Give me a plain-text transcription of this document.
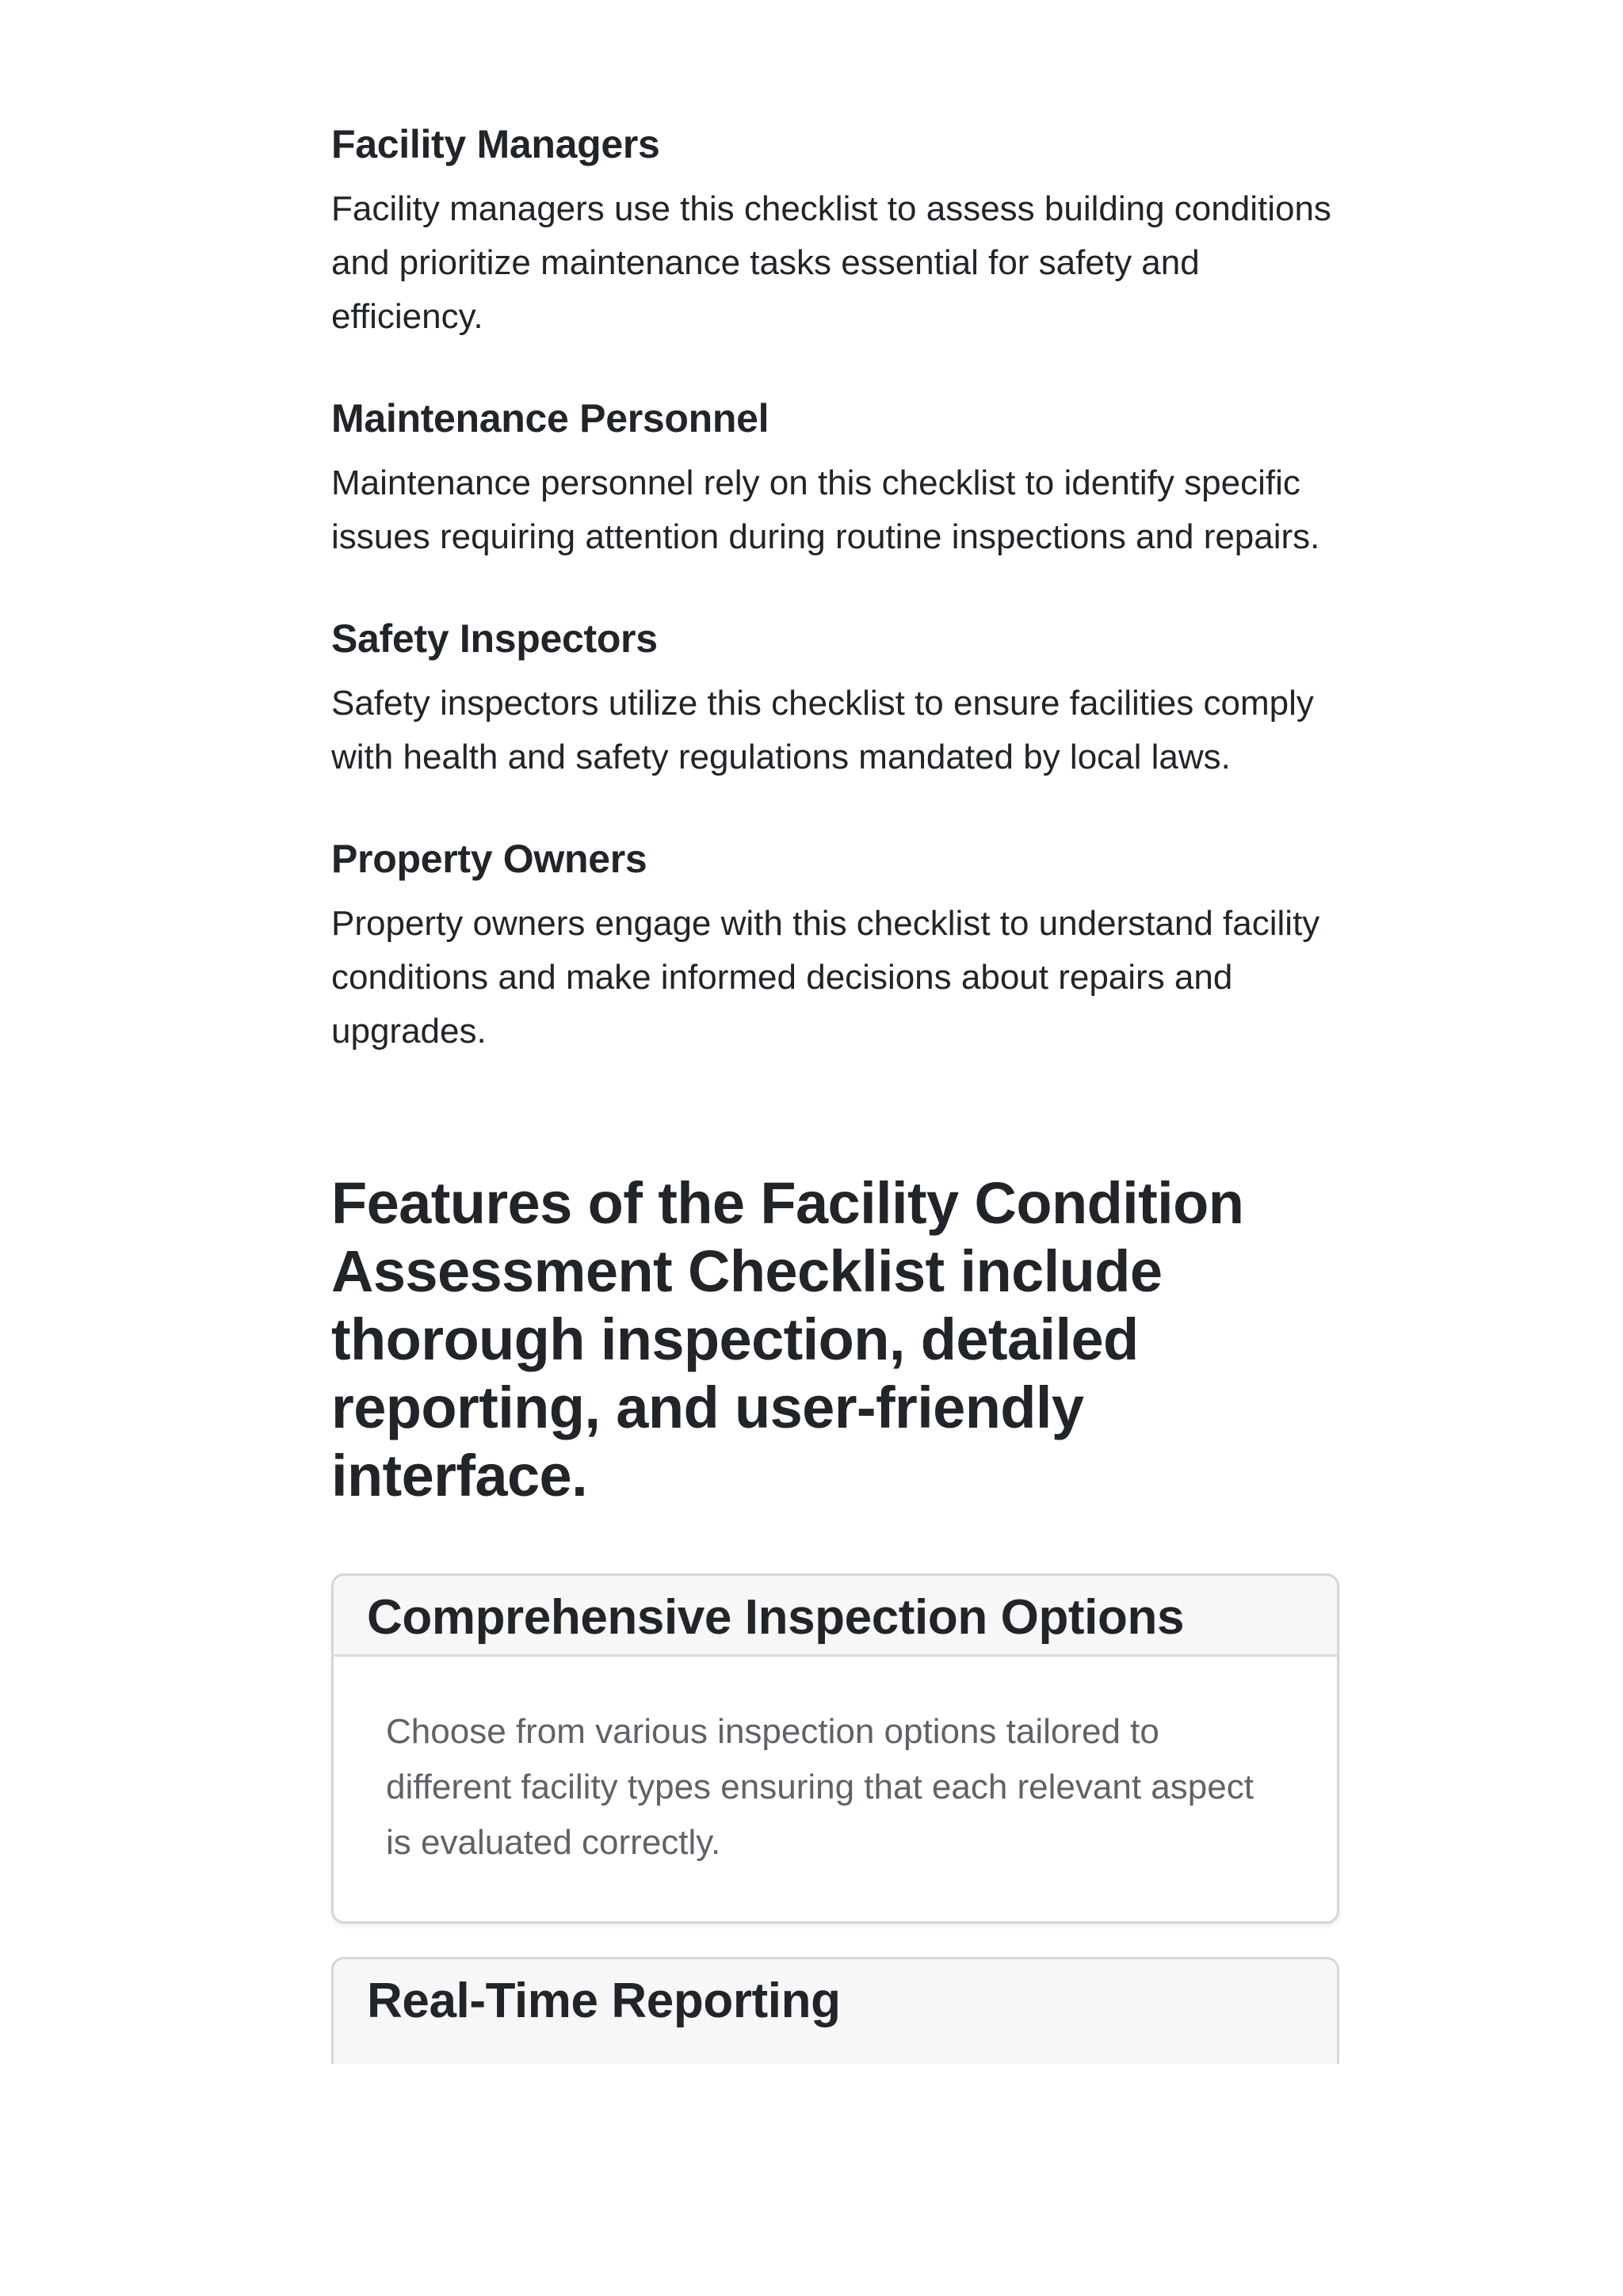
Facility Managers

Facility managers use this checklist to assess building conditions and prioritize maintenance tasks essential for safety and efficiency.

Maintenance Personnel

Maintenance personnel rely on this checklist to identify specific issues requiring attention during routine inspections and repairs.

Safety Inspectors

Safety inspectors utilize this checklist to ensure facilities comply with health and safety regulations mandated by local laws.

Property Owners

Property owners engage with this checklist to understand facility conditions and make informed decisions about repairs and upgrades.

Features of the Facility Condition Assessment Checklist include thorough inspection, detailed reporting, and user-friendly interface.
Comprehensive Inspection Options

Choose from various inspection options tailored to different facility types ensuring that each relevant aspect is evaluated correctly.

Real-Time Reporting
